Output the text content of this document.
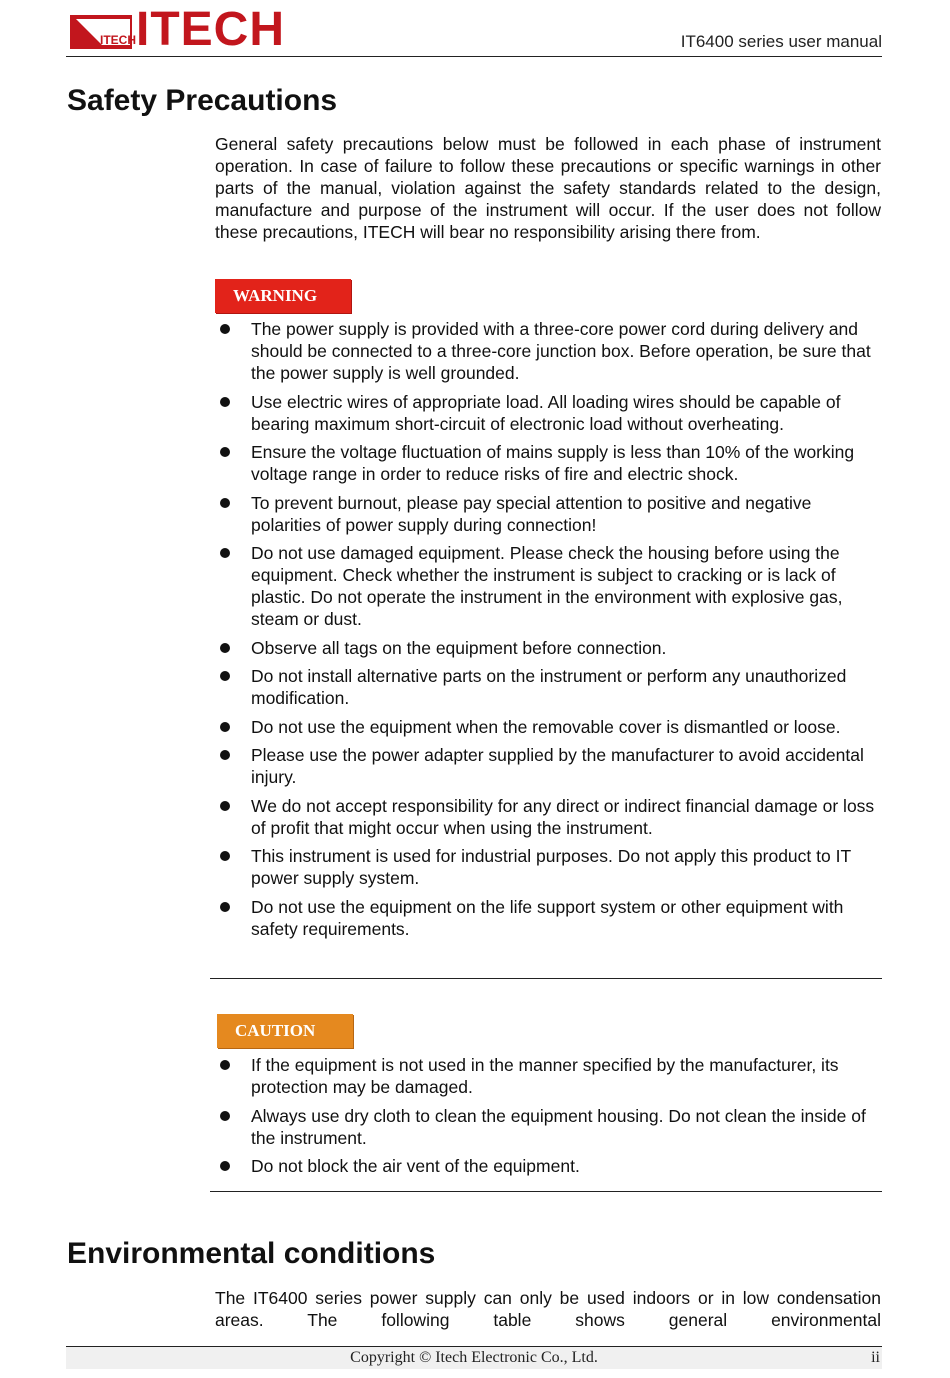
ITECH ITECH	IT6400 series user manual
Safety Precautions

General safety precautions below must be followed in each phase of instrument operation. In case of failure to follow these precautions or specific warnings in other parts of the manual, violation against the safety standards related to the design, manufacture and purpose of the instrument will occur. If the user does not follow these precautions, ITECH will bear no responsibility arising there from.

WARNING
The power supply is provided with a three-core power cord during delivery and should be connected to a three-core junction box. Before operation, be sure that the power supply is well grounded.
Use electric wires of appropriate load. All loading wires should be capable of bearing maximum short-circuit of electronic load without overheating.
Ensure the voltage fluctuation of mains supply is less than 10% of the working voltage range in order to reduce risks of fire and electric shock.
To prevent burnout, please pay special attention to positive and negative polarities of power supply during connection!
Do not use damaged equipment. Please check the housing before using the equipment. Check whether the instrument is subject to cracking or is lack of plastic. Do not operate the instrument in the environment with explosive gas, steam or dust.
Observe all tags on the equipment before connection.
Do not install alternative parts on the instrument or perform any unauthorized modification.
Do not use the equipment when the removable cover is dismantled or loose.
Please use the power adapter supplied by the manufacturer to avoid accidental injury.
We do not accept responsibility for any direct or indirect financial damage or loss of profit that might occur when using the instrument.
This instrument is used for industrial purposes. Do not apply this product to IT power supply system.
Do not use the equipment on the life support system or other equipment with safety requirements.
CAUTION
If the equipment is not used in the manner specified by the manufacturer, its protection may be damaged.
Always use dry cloth to clean the equipment housing. Do not clean the inside of the instrument.
Do not block the air vent of the equipment.
Environmental conditions

The IT6400 series power supply can only be used indoors or in low condensation areas. The following table shows general environmental

Copyright © Itech Electronic Co., Ltd.	ii
